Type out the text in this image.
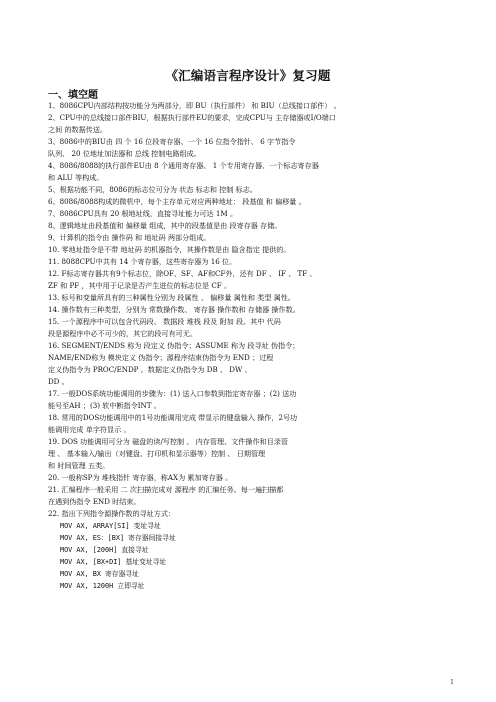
《汇编语言程序设计》复习题
一、填空题
1、8086CPU内部结构按功能分为两部分，即 BU（执行部件） 和 BIU（总线接口部件） 。
2、CPU中的总线接口部件BIU，根据执行部件EU的要求，完成CPU与 主存储器或I/O端口
之间 的数据传送。
3、8086中的BIU由 四 个 16 位段寄存器、一个 16 位指令指针、 6 字节指令
队列、 20 位地址加法器和 总线 控制电路组成。
4、8086/8088的执行部件EU由 8 个通用寄存器、 1 个专用寄存器、一个标志寄存器
和 ALU 等构成。
5、根据功能不同，8086的标志位可分为 状态 标志和 控制 标志。
6、8086/8088构成的微机中，每个主存单元对应两种地址： 段基值 和 偏移量 。
7、8086CPU具有 20 根地址线，直接寻址能力可达 1M 。
8、逻辑地址由段基值和 偏移量 组成，其中的段基值是由 段寄存器 存储。
9、计算机的指令由 操作码 和 地址码 两部分组成。
10. 零地址指令是不带 地址码 的机器指令，其操作数是由 隐含指定 提供的。
11. 8088CPU中共有 14 个寄存器，这些寄存器为 16 位。
12. F标志寄存器共有9个标志位，除OF、SF、AF和CF外，还有 DF 、 IF 、 TF 、
ZF 和 PF ，其中用于记录是否产生进位的标志位是 CF 。
13. 标号和变量所具有的三种属性分别为 段属性 、 偏移量 属性和 类型 属性。
14. 操作数有三种类型，分别为 常数操作数、 寄存器 操作数和 存储器 操作数。
15. 一个源程序中可以包含代码段、 数据段 堆栈 段及 附加 段。其中 代码
段是源程序中必不可少的，其它的段可有可无。
16. SEGMENT/ENDS 称为 段定义 伪指令；ASSUME 称为 段寻址 伪指令；
NAME/END称为 模块定义 伪指令；源程序结束伪指令为 END ；过程
定义伪指令为 PROC/ENDP 。数据定义伪指令为 DB 、 DW 、
DD 。
17. 一般DOS系统功能调用的步骤为：(1) 送入口参数到指定寄存器 ；(2) 送功
能号至AH ；(3) 软中断指令INT 。
18. 常用的DOS功能调用中的1号功能调用完成 带显示的键盘输入 操作，2号功
能调用完成 单字符显示 。
19. DOS 功能调用可分为 磁盘的读/写控制 、 内存管理、文件操作和目录管
理 、 基本输入/输出（对键盘、打印机和显示器等）控制 、 日期管理
和 时间管理 五类。
20. 一般称SP为 堆栈指针 寄存器，称AX为 累加寄存器 。
21. 汇编程序一般采用 二 次扫描完成对 源程序 的汇编任务。每一遍扫描都
在遇到伪指令 END 时结束。
22. 指出下列指令源操作数的寻址方式：
MOV AX, ARRAY[SI] 变址寻址
MOV AX, ES：[BX] 寄存器间接寻址
MOV AX, [200H] 直接寻址
MOV AX, [BX+DI] 基址变址寻址
MOV AX, BX 寄存器寻址
MOV AX, 1200H 立即寻址
1
